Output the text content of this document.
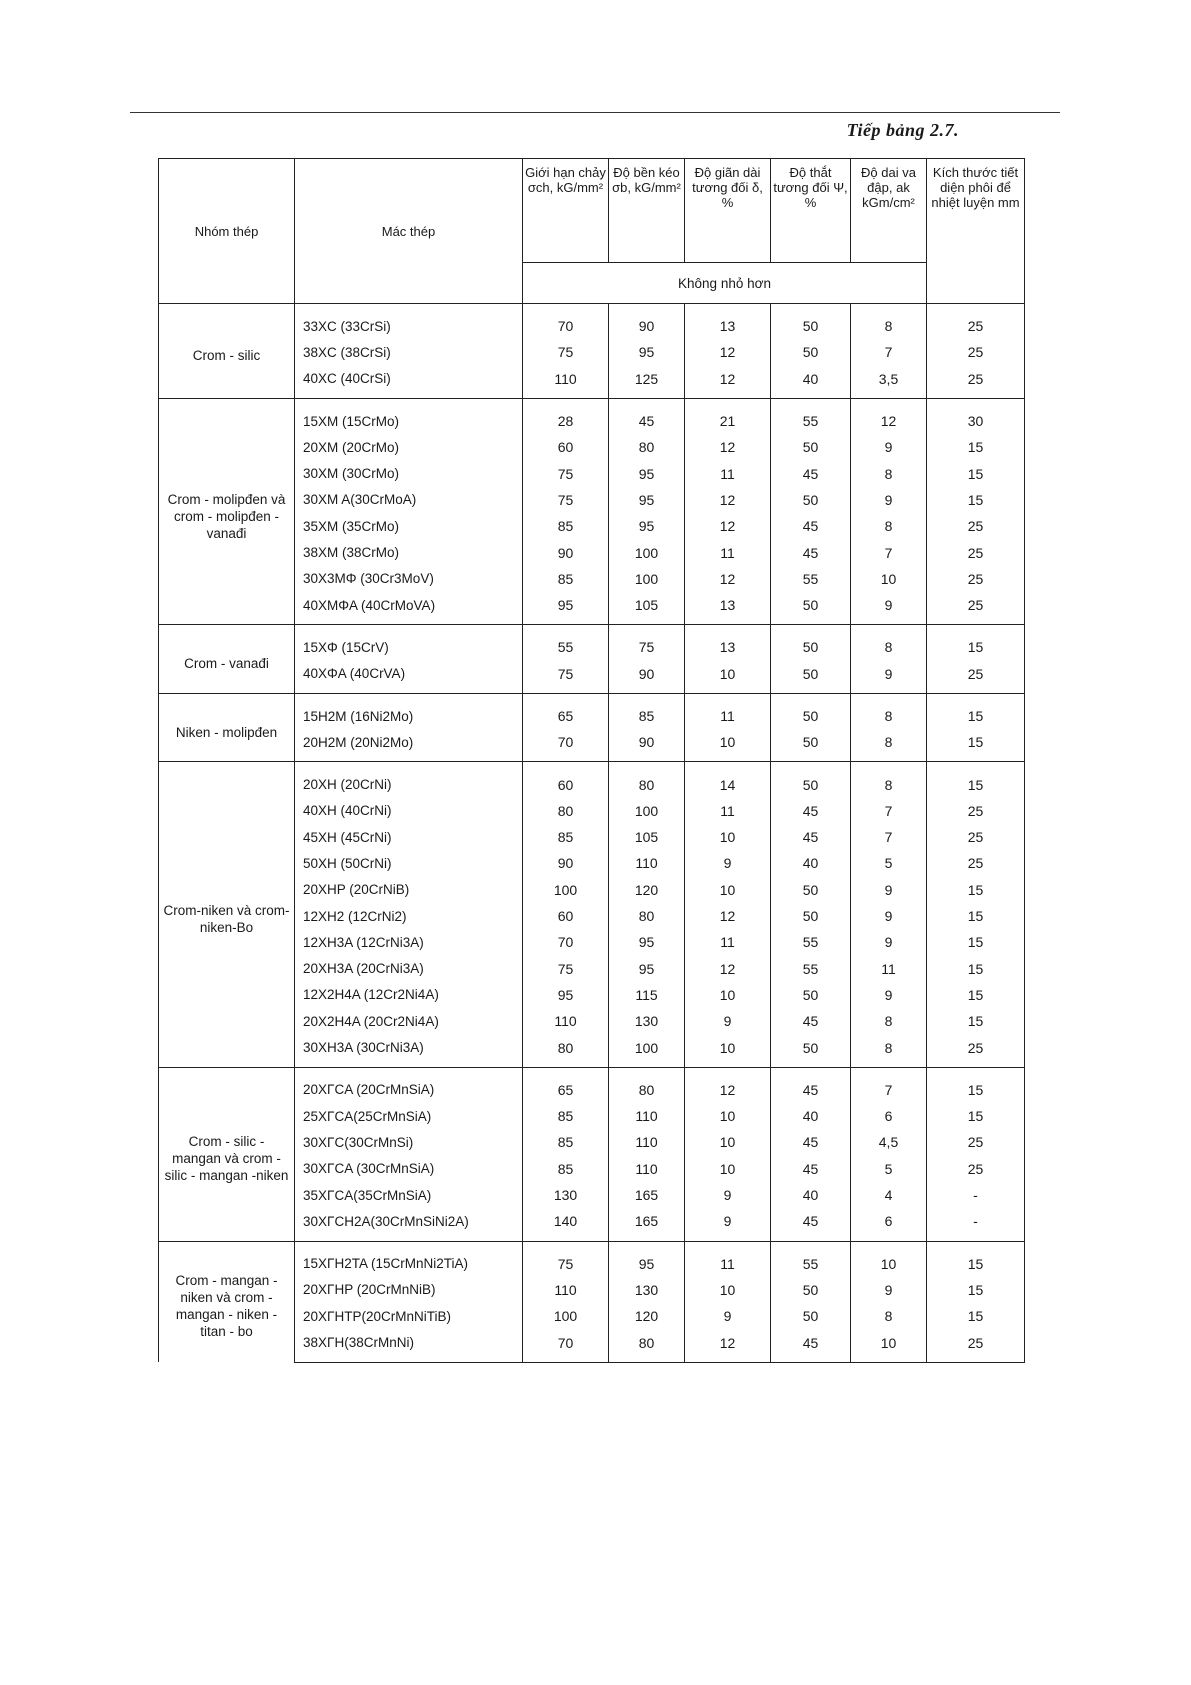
Tiếp bảng 2.7.
Nhóm thép	Mác thép	Giới hạn chảy σch, kG/mm²	Độ bền kéo σb, kG/mm²	Độ giãn dài tương đối δ, %	Độ thắt tương đối Ψ, %	Độ dai va đập, ak kGm/cm²	Kích thước tiết diện phôi để nhiệt luyện mm
		Không nhỏ hơn					
Crom - silic	33XC (33CrSi)	70	90	13	50	8	25
	38XC (38CrSi)	75	95	12	50	7	25
	40XC (40CrSi)	110	125	12	40	3,5	25
Crom - molipđen và crom - molipđen - vanađi	15XM (15CrMo)	28	45	21	55	12	30
	20XM (20CrMo)	60	80	12	50	9	15
	30XM (30CrMo)	75	95	11	45	8	15
	30XM A(30CrMoA)	75	95	12	50	9	15
	35XM (35CrMo)	85	95	12	45	8	25
	38XM (38CrMo)	90	100	11	45	7	25
	30X3MΦ (30Cr3MoV)	85	100	12	55	10	25
	40XMΦA (40CrMoVA)	95	105	13	50	9	25
Crom - vanađi	15XΦ (15CrV)	55	75	13	50	8	15
	40XΦA (40CrVA)	75	90	10	50	9	25
Niken - molipđen	15H2M (16Ni2Mo)	65	85	11	50	8	15
	20H2M (20Ni2Mo)	70	90	10	50	8	15
Crom-niken và crom-niken-Bo	20XH (20CrNi)	60	80	14	50	8	15
	40XH (40CrNi)	80	100	11	45	7	25
	45XH (45CrNi)	85	105	10	45	7	25
	50XH (50CrNi)	90	110	9	40	5	25
	20XHP (20CrNiB)	100	120	10	50	9	15
	12XH2 (12CrNi2)	60	80	12	50	9	15
	12XH3A (12CrNi3A)	70	95	11	55	9	15
	20XH3A (20CrNi3A)	75	95	12	55	11	15
	12X2H4A (12Cr2Ni4A)	95	115	10	50	9	15
	20X2H4A (20Cr2Ni4A)	110	130	9	45	8	15
	30XH3A (30CrNi3A)	80	100	10	50	8	25
Crom - silic - mangan và crom - silic - mangan -niken	20XΓCA (20CrMnSiA)	65	80	12	45	7	15
	25XΓCA(25CrMnSiA)	85	110	10	40	6	15
	30XΓC(30CrMnSi)	85	110	10	45	4,5	25
	30XΓCA (30CrMnSiA)	85	110	10	45	5	25
	35XΓCA(35CrMnSiA)	130	165	9	40	4	-
	30XΓCH2A(30CrMnSiNi2A)	140	165	9	45	6	-
Crom - mangan - niken và crom - mangan - niken - titan - bo	15XΓH2TA (15CrMnNi2TiA)	75	95	11	55	10	15
	20XΓHP (20CrMnNiB)	110	130	10	50	9	15
	20XΓHTP(20CrMnNiTiB)	100	120	9	50	8	15
	38XΓH(38CrMnNi)	70	80	12	45	10	25
